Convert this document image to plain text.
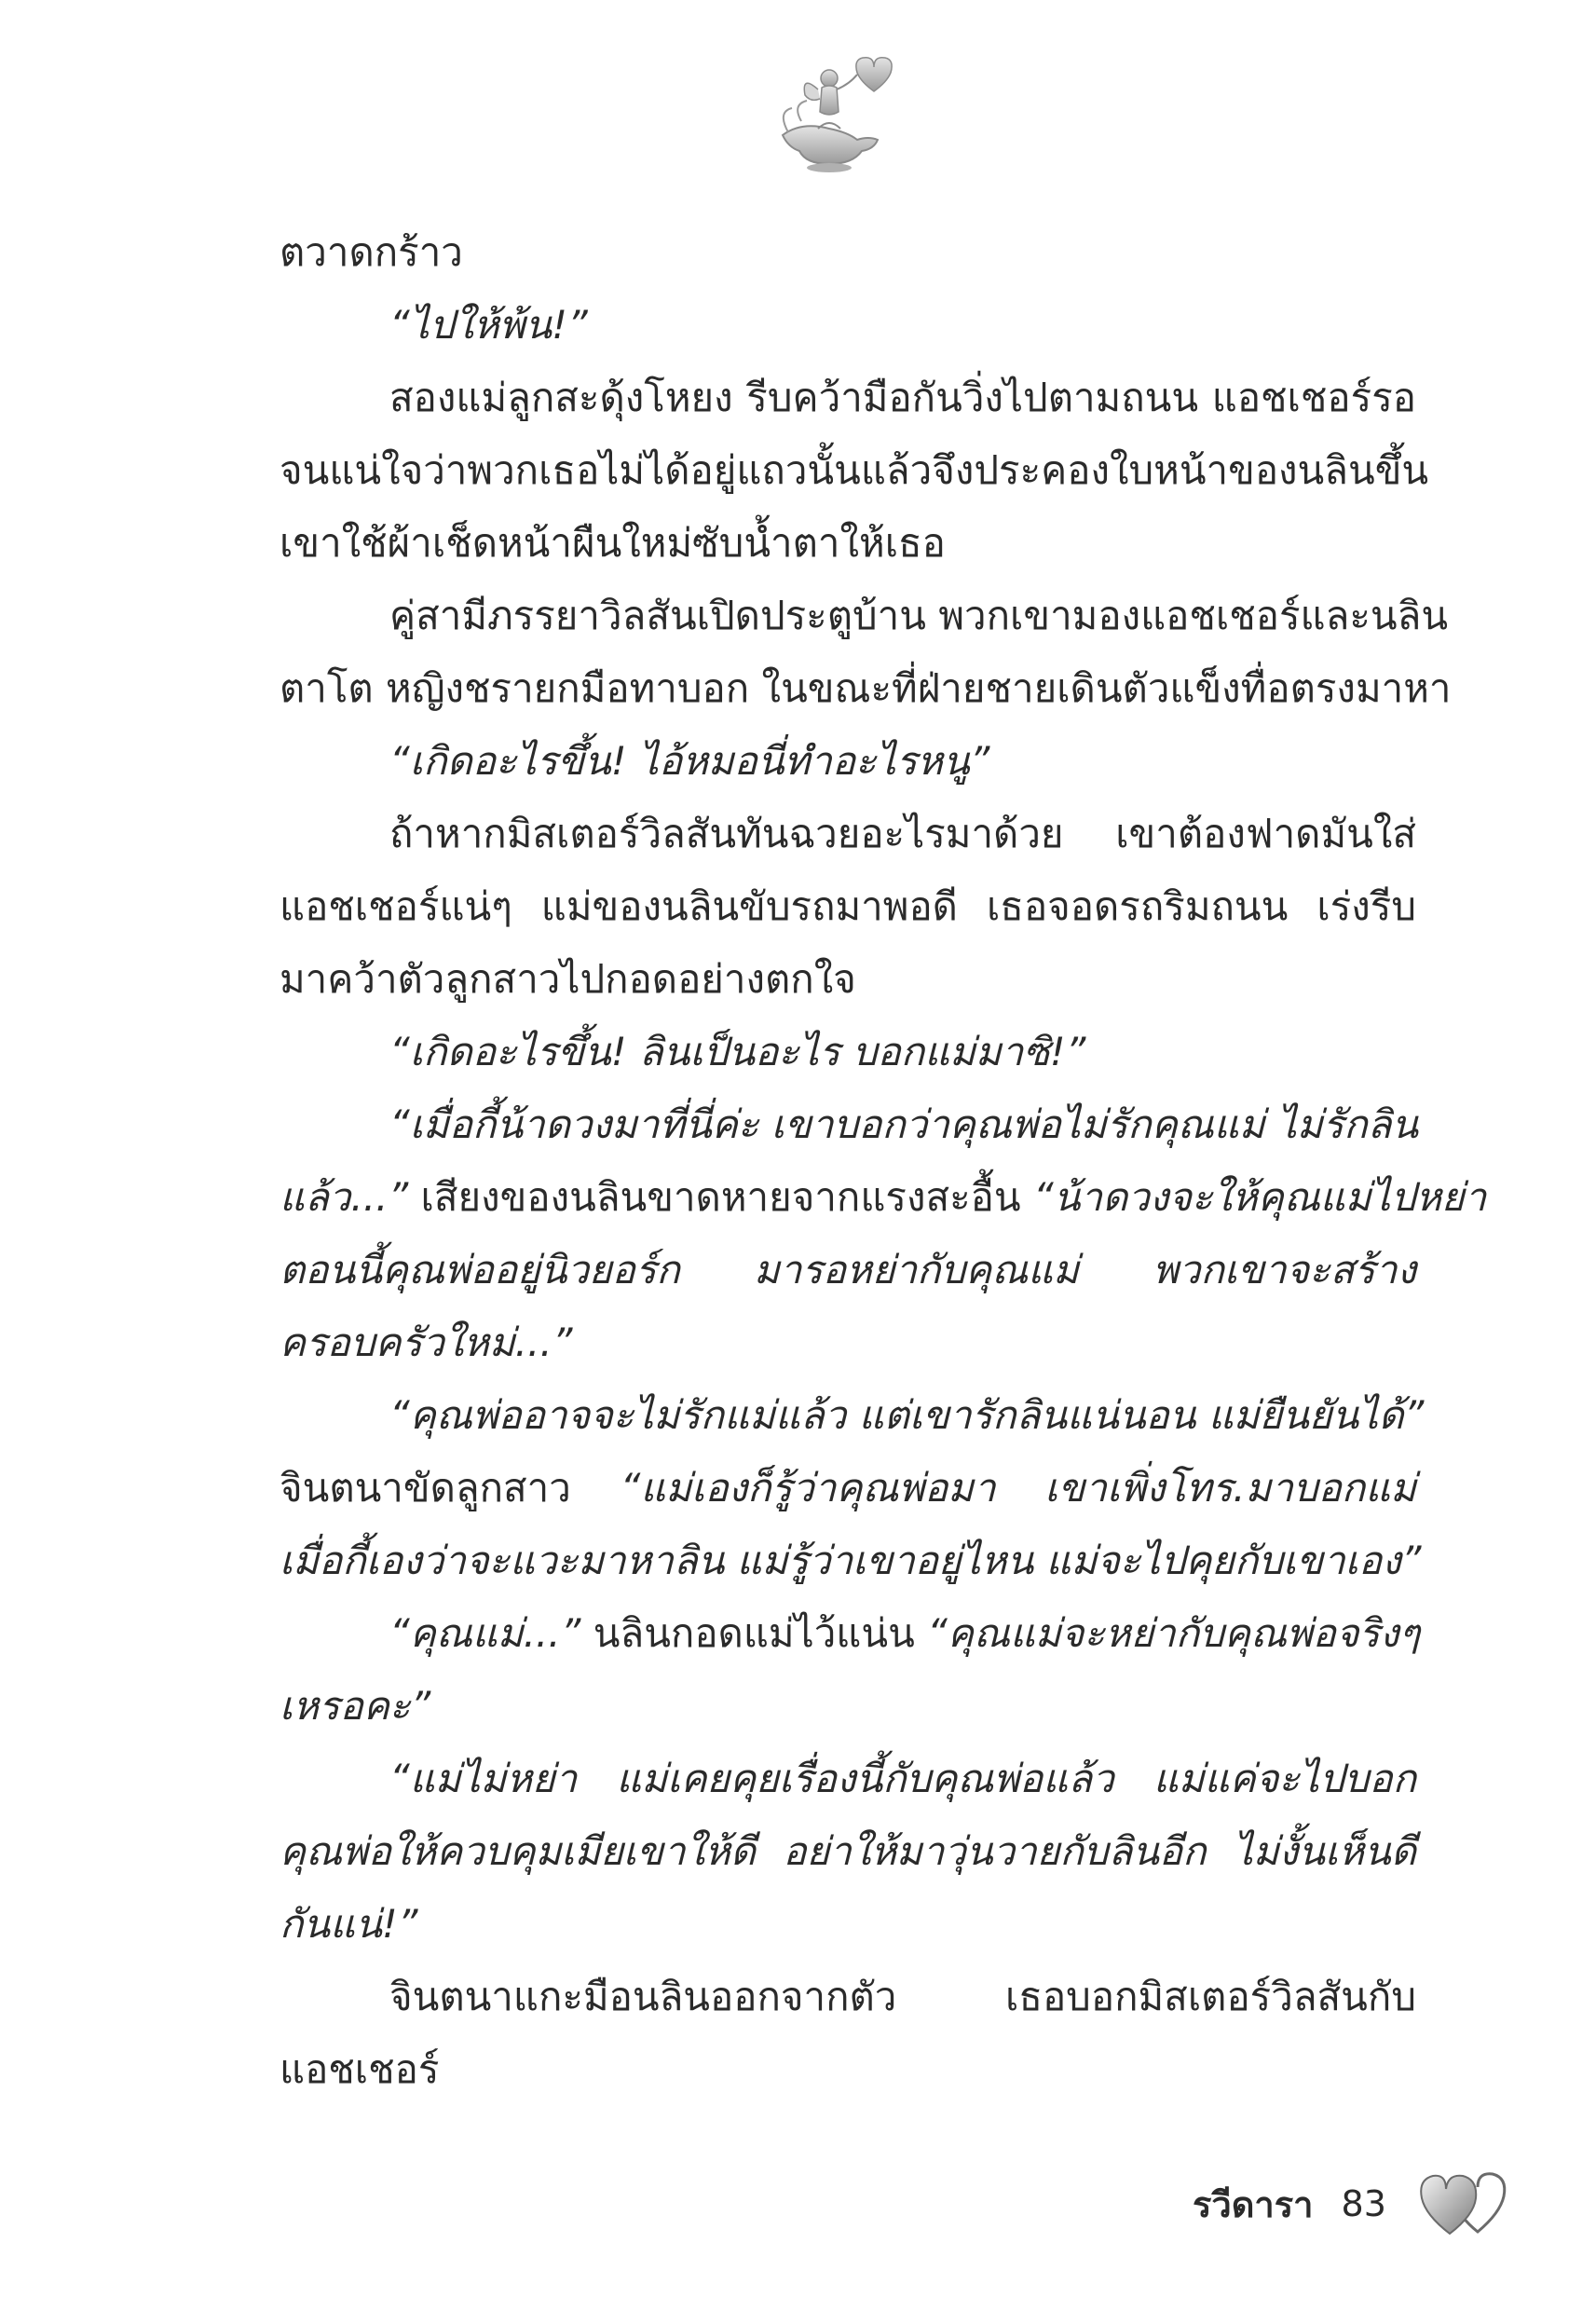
ตวาดกร้าว
“ไปให้พ้น!”
สองแม่ลูกสะดุ้งโหยง รีบคว้ามือกันวิ่งไปตามถนน แอชเชอร์รอ
จนแน่ใจว่าพวกเธอไม่ได้อยู่แถวนั้นแล้วจึงประคองใบหน้าของนลินขึ้น
เขาใช้ผ้าเช็ดหน้าผืนใหม่ซับน้ำตาให้เธอ
คู่สามีภรรยาวิลสันเปิดประตูบ้าน พวกเขามองแอชเชอร์และนลิน
ตาโต หญิงชรายกมือทาบอก ในขณะที่ฝ่ายชายเดินตัวแข็งทื่อตรงมาหา
“เกิดอะไรขึ้น! ไอ้หมอนี่ทำอะไรหนู”
ถ้าหากมิสเตอร์วิลสันทันฉวยอะไรมาด้วย เขาต้องฟาดมันใส่
แอชเชอร์แน่ๆ แม่ของนลินขับรถมาพอดี เธอจอดรถริมถนน เร่งรีบ
มาคว้าตัวลูกสาวไปกอดอย่างตกใจ
“เกิดอะไรขึ้น! ลินเป็นอะไร บอกแม่มาซิ!”
“เมื่อกี้น้าดวงมาที่นี่ค่ะ เขาบอกว่าคุณพ่อไม่รักคุณแม่ ไม่รักลิน
แล้ว...” เสียงของนลินขาดหายจากแรงสะอื้น “น้าดวงจะให้คุณแม่ไปหย่า
ตอนนี้คุณพ่ออยู่นิวยอร์ก มารอหย่ากับคุณแม่ พวกเขาจะสร้าง
ครอบครัวใหม่...”
“คุณพ่ออาจจะไม่รักแม่แล้ว แต่เขารักลินแน่นอน แม่ยืนยันได้”
จินตนาขัดลูกสาว “แม่เองก็รู้ว่าคุณพ่อมา เขาเพิ่งโทร.มาบอกแม่
เมื่อกี้เองว่าจะแวะมาหาลิน แม่รู้ว่าเขาอยู่ไหน แม่จะไปคุยกับเขาเอง”
“คุณแม่...” นลินกอดแม่ไว้แน่น “คุณแม่จะหย่ากับคุณพ่อจริงๆ
เหรอคะ”
“แม่ไม่หย่า แม่เคยคุยเรื่องนี้กับคุณพ่อแล้ว แม่แค่จะไปบอก
คุณพ่อให้ควบคุมเมียเขาให้ดี อย่าให้มาวุ่นวายกับลินอีก ไม่งั้นเห็นดี
กันแน่!”
จินตนาแกะมือนลินออกจากตัว เธอบอกมิสเตอร์วิลสันกับ
แอชเชอร์
รวีดารา 83
